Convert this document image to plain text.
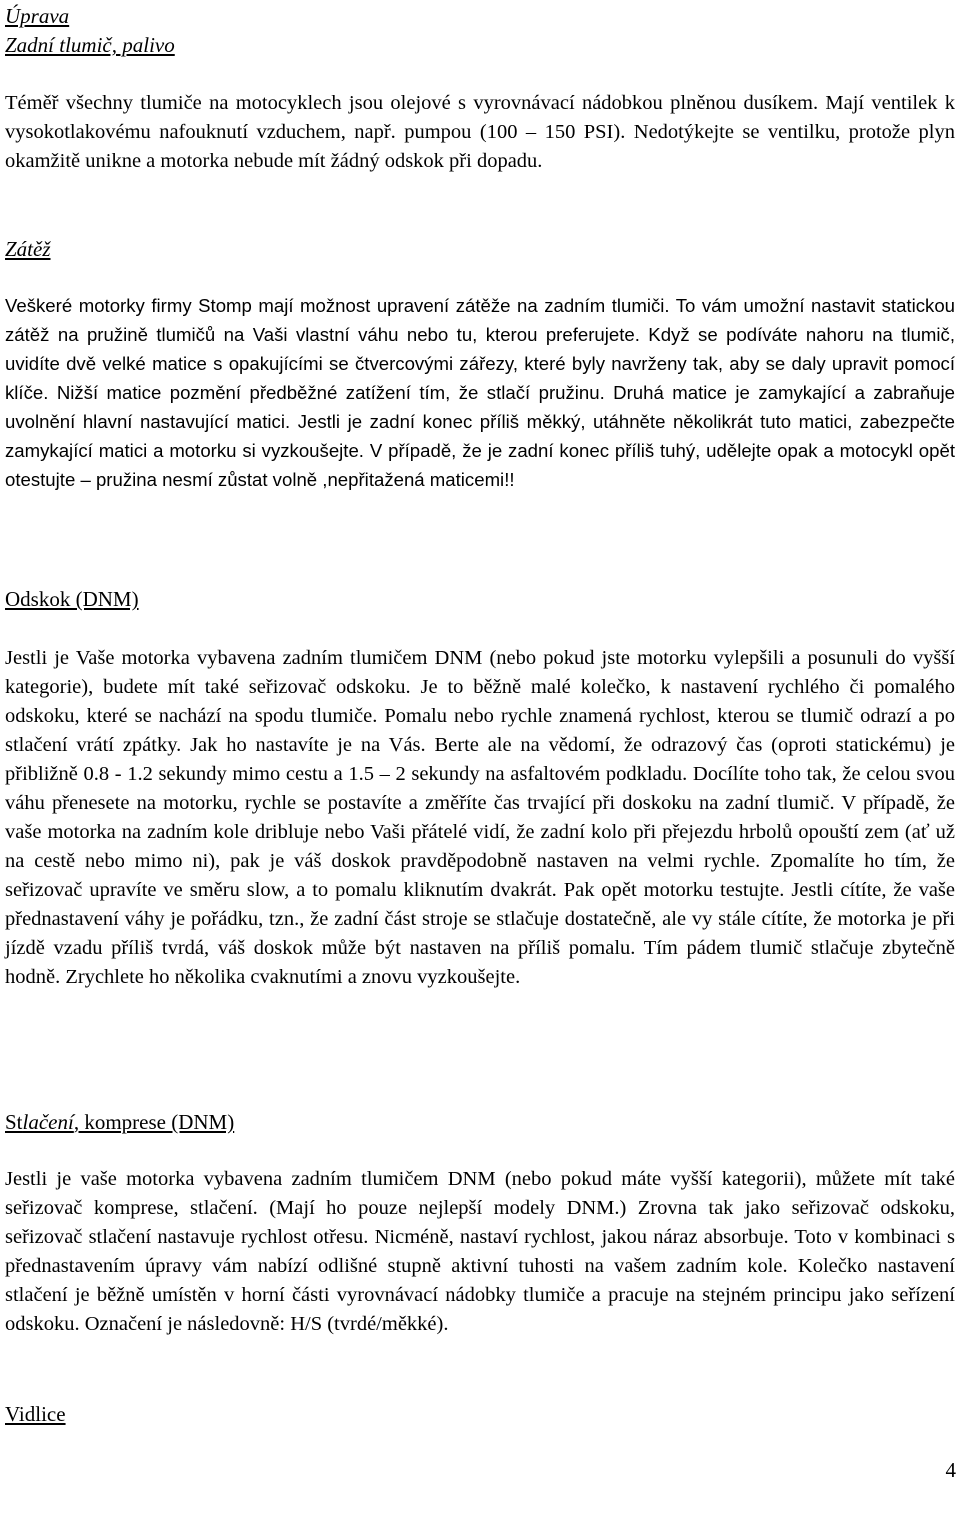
Úprava
Zadní tlumič, palivo

Téměř všechny tlumiče na motocyklech jsou olejové s vyrovnávací nádobkou plněnou dusíkem. Mají ventilek k vysokotlakovému nafouknutí vzduchem, např. pumpou (100 – 150 PSI). Nedotýkejte se ventilku, protože plyn okamžitě unikne a motorka nebude mít žádný odskok při dopadu.

Zátěž

Veškeré motorky firmy Stomp mají možnost upravení zátěže na zadním tlumiči. To vám umožní nastavit statickou zátěž na pružině tlumičů na Vaši vlastní váhu nebo tu, kterou preferujete. Když se podíváte nahoru na tlumič, uvidíte dvě velké matice s opakujícími se čtvercovými zářezy, které byly navrženy tak, aby se daly upravit pomocí klíče. Nižší matice pozmění předběžné zatížení tím, že stlačí pružinu. Druhá matice je zamykající a zabraňuje uvolnění hlavní nastavující matici. Jestli je zadní konec příliš měkký, utáhněte několikrát tuto matici, zabezpečte zamykající matici a motorku si vyzkoušejte. V případě, že je zadní konec příliš tuhý, udělejte opak a motocykl opět otestujte – pružina nesmí zůstat volně ,nepřitažená maticemi!!

Odskok (DNM)

Jestli je Vaše motorka vybavena zadním tlumičem DNM (nebo pokud jste motorku vylepšili a posunuli do vyšší kategorie), budete mít také seřizovač odskoku. Je to běžně malé kolečko, k nastavení rychlého či pomalého odskoku, které se nachází na spodu tlumiče. Pomalu nebo rychle znamená rychlost, kterou se tlumič odrazí a po stlačení vrátí zpátky. Jak ho nastavíte je na Vás. Berte ale na vědomí, že odrazový čas (oproti statickému) je přibližně 0.8 - 1.2 sekundy mimo cestu a 1.5 – 2 sekundy na asfaltovém podkladu. Docílíte toho tak, že celou svou váhu přenesete na motorku, rychle se postavíte a změříte čas trvající při doskoku na zadní tlumič. V případě, že vaše motorka na zadním kole dribluje nebo Vaši přátelé vidí, že zadní kolo při přejezdu hrbolů opouští zem (ať už na cestě nebo mimo ni), pak je váš doskok pravděpodobně nastaven na velmi rychle. Zpomalíte ho tím, že seřizovač upravíte ve směru slow, a to pomalu kliknutím dvakrát. Pak opět motorku testujte. Jestli cítíte, že vaše přednastavení váhy je pořádku, tzn., že zadní část stroje se stlačuje dostatečně, ale vy stále cítíte, že motorka je při jízdě vzadu příliš tvrdá, váš doskok může být nastaven na příliš pomalu. Tím pádem tlumič stlačuje zbytečně hodně. Zrychlete ho několika cvaknutími a znovu vyzkoušejte.

Stlačení, komprese (DNM)

Jestli je vaše motorka vybavena zadním tlumičem DNM (nebo pokud máte vyšší kategorii), můžete mít také seřizovač komprese, stlačení. (Mají ho pouze nejlepší modely DNM.) Zrovna tak jako seřizovač odskoku, seřizovač stlačení nastavuje rychlost otřesu. Nicméně, nastaví rychlost, jakou náraz absorbuje. Toto v kombinaci s přednastavením úpravy vám nabízí odlišné stupně aktivní tuhosti na vašem zadním kole. Kolečko nastavení stlačení je běžně umístěn v horní části vyrovnávací nádobky tlumiče a pracuje na stejném principu jako seřízení odskoku. Označení je následovně: H/S (tvrdé/měkké).

Vidlice
4
